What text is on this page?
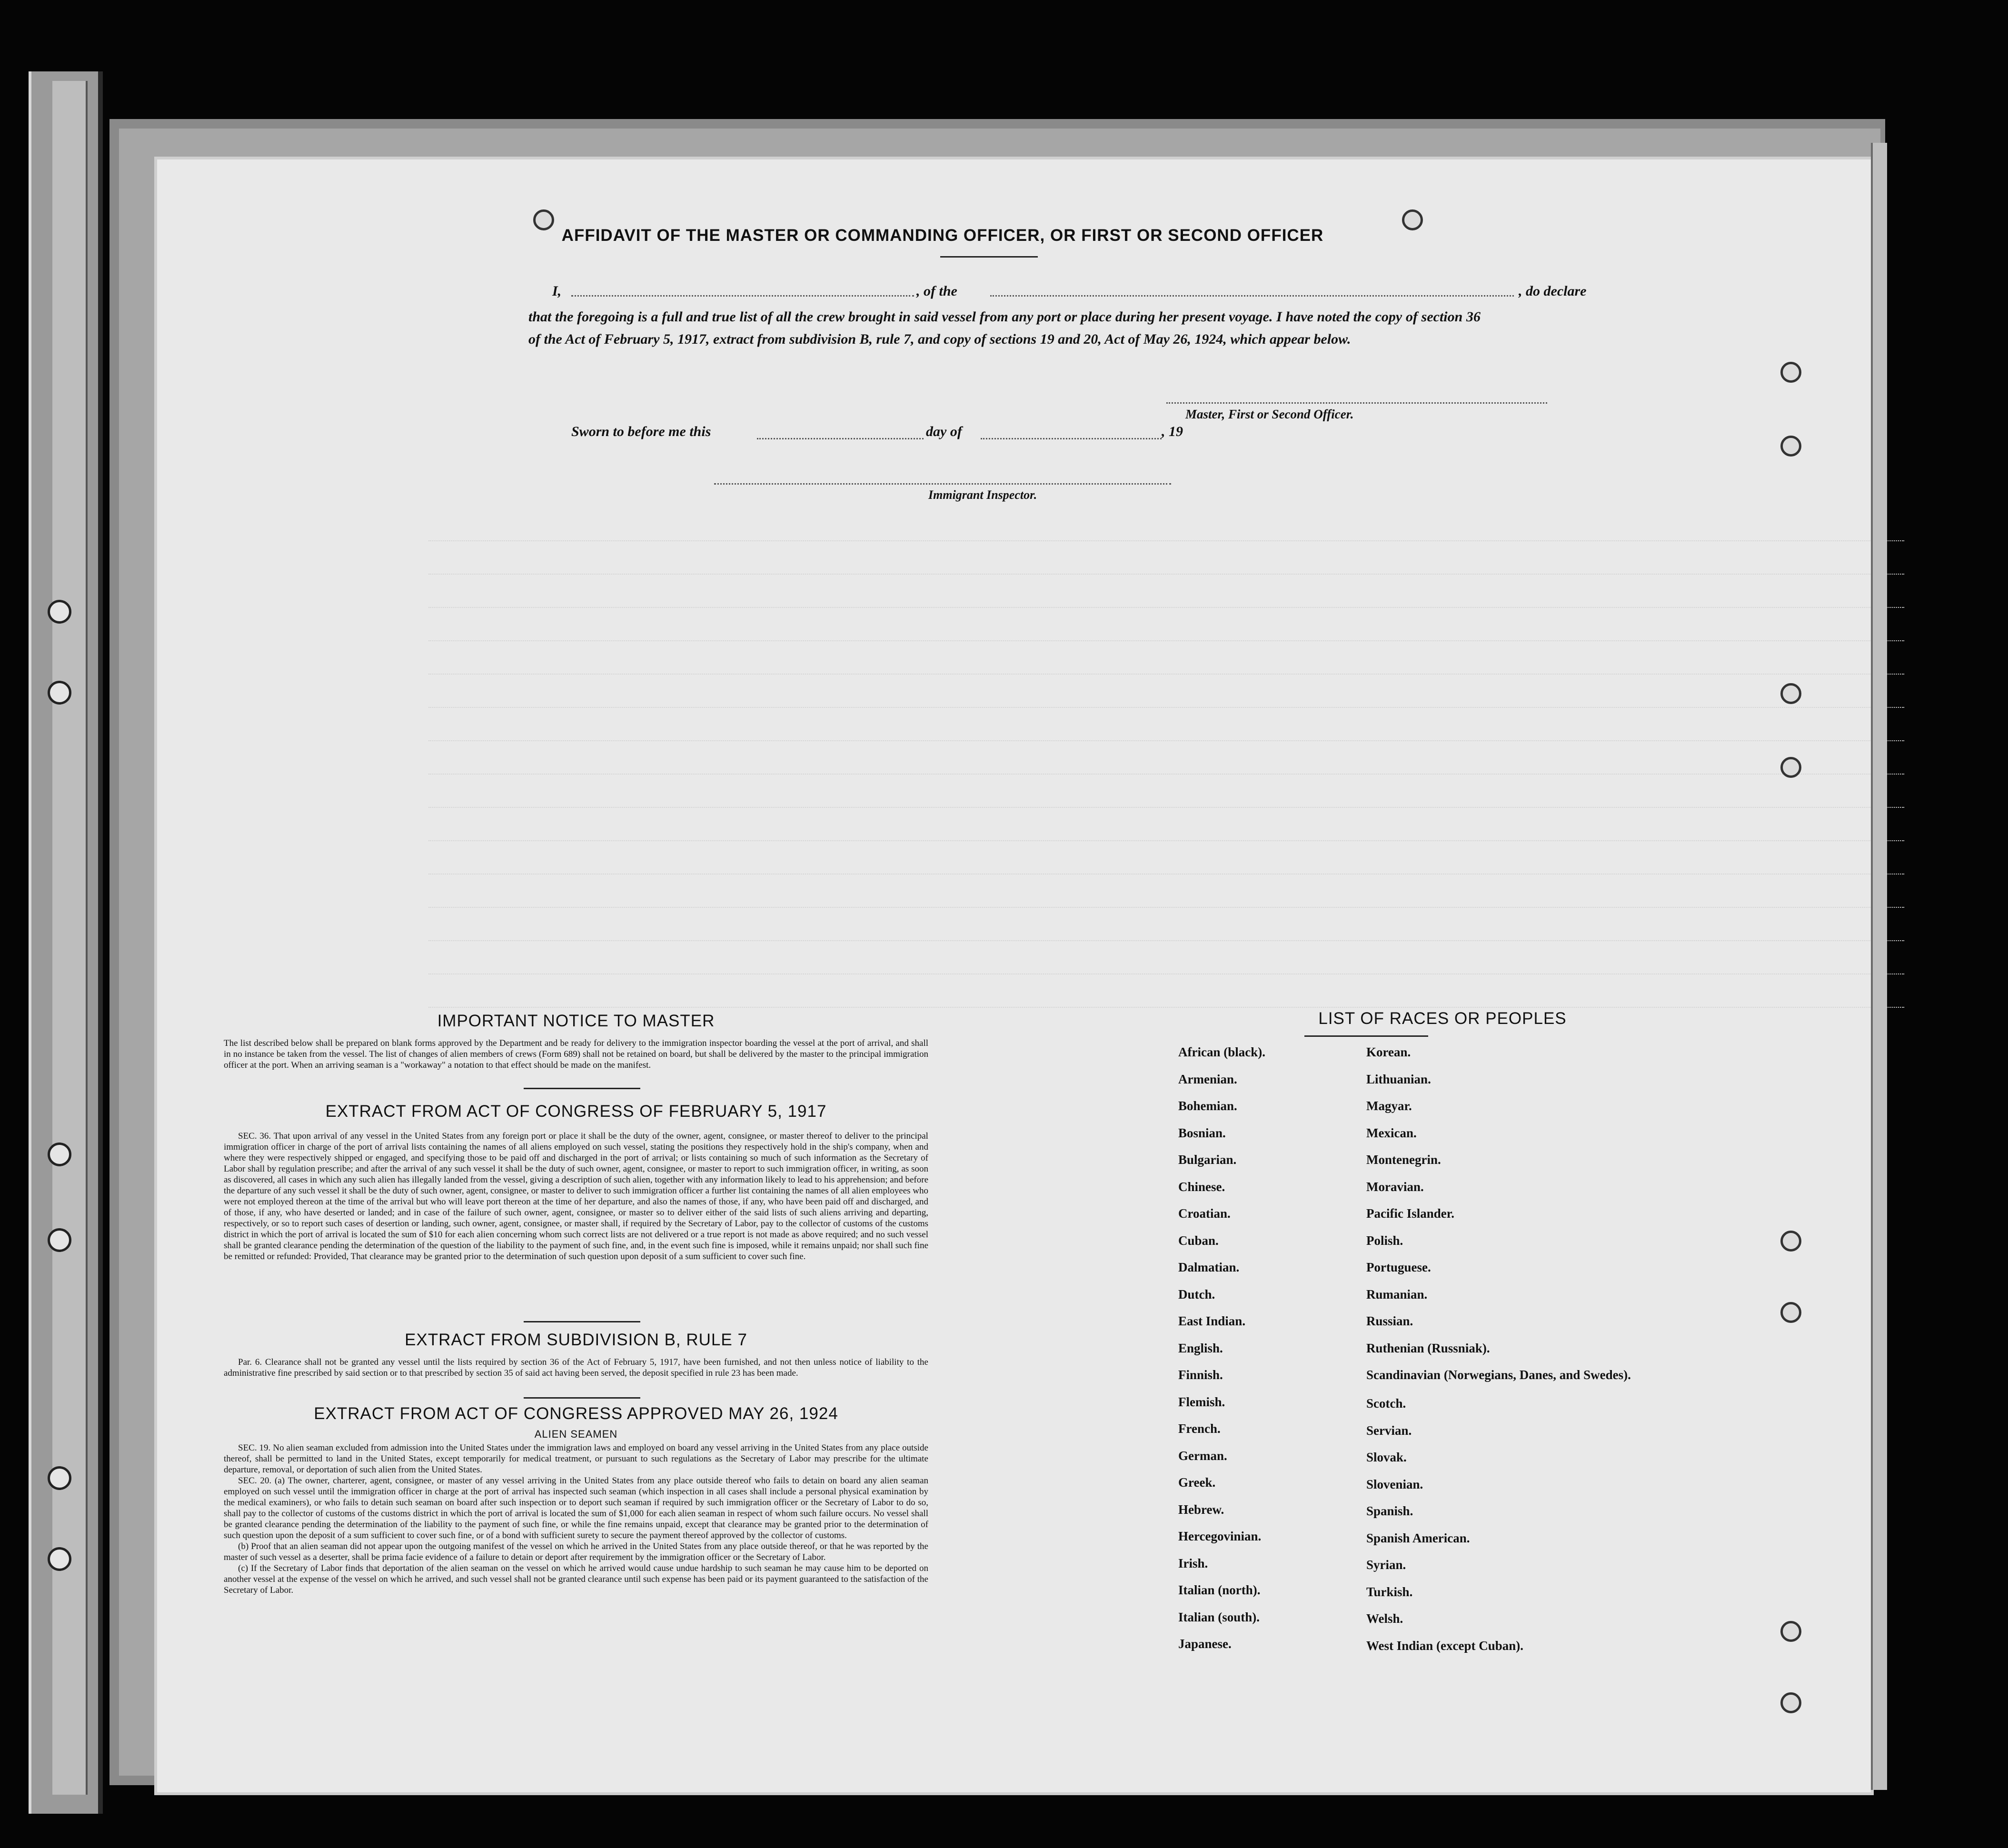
AFFIDAVIT OF THE MASTER OR COMMANDING OFFICER, OR FIRST OR SECOND OFFICER
I,	, of the	, do declare
that the foregoing is a full and true list of all the crew brought in said vessel from any port or place during her present voyage. I have noted the copy of section 36 of the Act of February 5, 1917, extract from subdivision B, rule 7, and copy of sections 19 and 20, Act of May 26, 1924, which appear below.
Master, First or Second Officer.
Sworn to before me this	day of	, 19
Immigrant Inspector.
IMPORTANT NOTICE TO MASTER
The list described below shall be prepared on blank forms approved by the Department and be ready for delivery to the immigration inspector boarding the vessel at the port of arrival, and shall in no instance be taken from the vessel. The list of changes of alien members of crews (Form 689) shall not be retained on board, but shall be delivered by the master to the principal immigration officer at the port. When an arriving seaman is a "workaway" a notation to that effect should be made on the manifest.
EXTRACT FROM ACT OF CONGRESS OF FEBRUARY 5, 1917
SEC. 36. That upon arrival of any vessel in the United States from any foreign port or place it shall be the duty of the owner, agent, consignee, or master thereof to deliver to the principal immigration officer in charge of the port of arrival lists containing the names of all aliens employed on such vessel, stating the positions they respectively hold in the ship's company, when and where they were respectively shipped or engaged, and specifying those to be paid off and discharged in the port of arrival; or lists containing so much of such information as the Secretary of Labor shall by regulation prescribe; and after the arrival of any such vessel it shall be the duty of such owner, agent, consignee, or master to report to such immigration officer, in writing, as soon as discovered, all cases in which any such alien has illegally landed from the vessel, giving a description of such alien, together with any information likely to lead to his apprehension; and before the departure of any such vessel it shall be the duty of such owner, agent, consignee, or master to deliver to such immigration officer a further list containing the names of all alien employees who were not employed thereon at the time of the arrival but who will leave port thereon at the time of her departure, and also the names of those, if any, who have been paid off and discharged, and of those, if any, who have deserted or landed; and in case of the failure of such owner, agent, consignee, or master so to deliver either of the said lists of such aliens arriving and departing, respectively, or so to report such cases of desertion or landing, such owner, agent, consignee, or master shall, if required by the Secretary of Labor, pay to the collector of customs of the customs district in which the port of arrival is located the sum of $10 for each alien concerning whom such correct lists are not delivered or a true report is not made as above required; and no such vessel shall be granted clearance pending the determination of the question of the liability to the payment of such fine, and, in the event such fine is imposed, while it remains unpaid; nor shall such fine be remitted or refunded: Provided, That clearance may be granted prior to the determination of such question upon deposit of a sum sufficient to cover such fine.
EXTRACT FROM SUBDIVISION B, RULE 7
Par. 6. Clearance shall not be granted any vessel until the lists required by section 36 of the Act of February 5, 1917, have been furnished, and not then unless notice of liability to the administrative fine prescribed by said section or to that prescribed by section 35 of said act having been served, the deposit specified in rule 23 has been made.
EXTRACT FROM ACT OF CONGRESS APPROVED MAY 26, 1924
ALIEN SEAMEN
SEC. 19. No alien seaman excluded from admission into the United States under the immigration laws and employed on board any vessel arriving in the United States from any place outside thereof, shall be permitted to land in the United States, except temporarily for medical treatment, or pursuant to such regulations as the Secretary of Labor may prescribe for the ultimate departure, removal, or deportation of such alien from the United States.
SEC. 20. (a) The owner, charterer, agent, consignee, or master of any vessel arriving in the United States from any place outside thereof who fails to detain on board any alien seaman employed on such vessel until the immigration officer in charge at the port of arrival has inspected such seaman (which inspection in all cases shall include a personal physical examination by the medical examiners), or who fails to detain such seaman on board after such inspection or to deport such seaman if required by such immigration officer or the Secretary of Labor to do so, shall pay to the collector of customs of the customs district in which the port of arrival is located the sum of $1,000 for each alien seaman in respect of whom such failure occurs. No vessel shall be granted clearance pending the determination of the liability to the payment of such fine, or while the fine remains unpaid, except that clearance may be granted prior to the determination of such question upon the deposit of a sum sufficient to cover such fine, or of a bond with sufficient surety to secure the payment thereof approved by the collector of customs.
(b) Proof that an alien seaman did not appear upon the outgoing manifest of the vessel on which he arrived in the United States from any place outside thereof, or that he was reported by the master of such vessel as a deserter, shall be prima facie evidence of a failure to detain or deport after requirement by the immigration officer or the Secretary of Labor.
(c) If the Secretary of Labor finds that deportation of the alien seaman on the vessel on which he arrived would cause undue hardship to such seaman he may cause him to be deported on another vessel at the expense of the vessel on which he arrived, and such vessel shall not be granted clearance until such expense has been paid or its payment guaranteed to the satisfaction of the Secretary of Labor.
LIST OF RACES OR PEOPLES
African (black).
Armenian.
Bohemian.
Bosnian.
Bulgarian.
Chinese.
Croatian.
Cuban.
Dalmatian.
Dutch.
East Indian.
English.
Finnish.
Flemish.
French.
German.
Greek.
Hebrew.
Hercegovinian.
Irish.
Italian (north).
Italian (south).
Japanese.
Korean.
Lithuanian.
Magyar.
Mexican.
Montenegrin.
Moravian.
Pacific Islander.
Polish.
Portuguese.
Rumanian.
Russian.
Ruthenian (Russniak).
Scandinavian (Norwegians, Danes, and Swedes).
Scotch.
Servian.
Slovak.
Slovenian.
Spanish.
Spanish American.
Syrian.
Turkish.
Welsh.
West Indian (except Cuban).
